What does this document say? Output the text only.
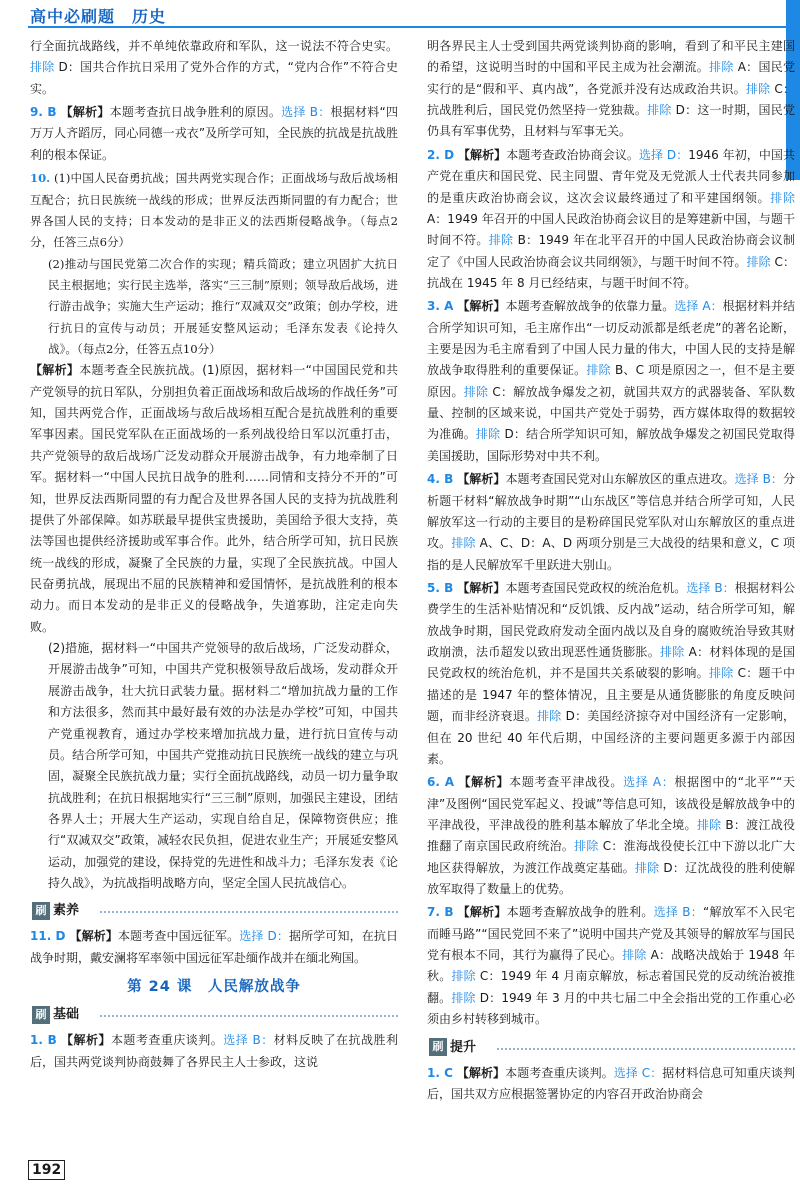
高中必刷题　历史
行全面抗战路线，并不单纯依靠政府和军队，这一说法不符合史实。排除 D：国共合作抗日采用了党外合作的方式，“党内合作”不符合史实。
9. B 【解析】本题考查抗日战争胜利的原因。选择 B：根据材料“四万万人齐蹈厉，同心同德一戎衣”及所学可知，全民族的抗战是抗战胜利的根本保证。
10. (1)中国人民奋勇抗战；国共两党实现合作；正面战场与敌后战场相互配合；抗日民族统一战线的形成；世界反法西斯同盟的有力配合；世界各国人民的支持；日本发动的是非正义的法西斯侵略战争。（每点2分，任答三点6分）
(2)推动与国民党第二次合作的实现；精兵简政；建立巩固扩大抗日民主根据地；实行民主选举，落实“三三制”原则；领导敌后战场，进行游击战争；实施大生产运动；推行“双减双交”政策；创办学校，进行抗日的宣传与动员；开展延安整风运动；毛泽东发表《论持久战》。（每点2分，任答五点10分）
【解析】本题考查全民族抗战。(1)原因，据材料一“中国国民党和共产党领导的抗日军队，分别担负着正面战场和敌后战场的作战任务”可知，国共两党合作，正面战场与敌后战场相互配合是抗战胜利的重要军事因素。国民党军队在正面战场的一系列战役给日军以沉重打击，共产党领导的敌后战场广泛发动群众开展游击战争，有力地牵制了日军。据材料一“中国人民抗日战争的胜利……同情和支持分不开的”可知，世界反法西斯同盟的有力配合及世界各国人民的支持为抗战胜利提供了外部保障。如苏联最早提供宝贵援助，美国给予很大支持，英法等国也提供经济援助或军事合作。此外，结合所学可知，抗日民族统一战线的形成，凝聚了全民族的力量，实现了全民族抗战。中国人民奋勇抗战，展现出不屈的民族精神和爱国情怀，是抗战胜利的根本动力。而日本发动的是非正义的侵略战争，失道寡助，注定走向失败。
(2)措施，据材料一“中国共产党领导的敌后战场，广泛发动群众，开展游击战争”可知，中国共产党积极领导敌后战场，发动群众开展游击战争，壮大抗日武装力量。据材料二“增加抗战力量的工作和方法很多，然而其中最好最有效的办法是办学校”可知，中国共产党重视教育，通过办学校来增加抗战力量，进行抗日宣传与动员。结合所学可知，中国共产党推动抗日民族统一战线的建立与巩固，凝聚全民族抗战力量；实行全面抗战路线，动员一切力量争取抗战胜利；在抗日根据地实行“三三制”原则，加强民主建设，团结各界人士；开展大生产运动，实现自给自足，保障物资供应；推行“双减双交”政策，减轻农民负担，促进农业生产；开展延安整风运动，加强党的建设，保持党的先进性和战斗力；毛泽东发表《论持久战》，为抗战指明战略方向，坚定全国人民抗战信心。
刷 素养
11. D 【解析】本题考查中国远征军。选择 D：据所学可知，在抗日战争时期，戴安澜将军率领中国远征军赴缅作战并在缅北殉国。
第 24 课　人民解放战争
刷 基础
1. B 【解析】本题考查重庆谈判。选择 B：材料反映了在抗战胜利后，国共两党谈判协商鼓舞了各界民主人士参政，这说
明各界民主人士受到国共两党谈判协商的影响，看到了和平民主建国的希望，这说明当时的中国和平民主成为社会潮流。排除 A：国民党实行的是“假和平、真内战”，各党派并没有达成政治共识。排除 C：抗战胜利后，国民党仍然坚持一党独裁。排除 D：这一时期，国民党仍具有军事优势，且材料与军事无关。
2. D 【解析】本题考查政治协商会议。选择 D：1946 年初，中国共产党在重庆和国民党、民主同盟、青年党及无党派人士代表共同参加的是重庆政治协商会议，这次会议最终通过了和平建国纲领。排除 A：1949 年召开的中国人民政治协商会议目的是筹建新中国，与题干时间不符。排除 B：1949 年在北平召开的中国人民政治协商会议制定了《中国人民政治协商会议共同纲领》，与题干时间不符。排除 C：抗战在 1945 年 8 月已经结束，与题干时间不符。
3. A 【解析】本题考查解放战争的依靠力量。选择 A：根据材料并结合所学知识可知，毛主席作出“一切反动派都是纸老虎”的著名论断，主要是因为毛主席看到了中国人民力量的伟大，中国人民的支持是解放战争取得胜利的重要保证。排除 B、C 项是原因之一，但不是主要原因。排除 C：解放战争爆发之初，就国共双方的武器装备、军队数量、控制的区域来说，中国共产党处于弱势，西方媒体取得的数据较为准确。排除 D：结合所学知识可知，解放战争爆发之初国民党取得美国援助，国际形势对中共不利。
4. B 【解析】本题考查国民党对山东解放区的重点进攻。选择 B：分析题干材料“解放战争时期”“山东战区”等信息并结合所学可知，人民解放军这一行动的主要目的是粉碎国民党军队对山东解放区的重点进攻。排除 A、C、D：A、D 两项分别是三大战役的结果和意义，C 项指的是人民解放军千里跃进大别山。
5. B 【解析】本题考查国民党政权的统治危机。选择 B：根据材料公费学生的生活补贴情况和“反饥饿、反内战”运动，结合所学可知，解放战争时期，国民党政府发动全面内战以及自身的腐败统治导致其财政崩溃，法币超发以致出现恶性通货膨胀。排除 A：材料体现的是国民党政权的统治危机，并不是国共关系破裂的影响。排除 C：题干中描述的是 1947 年的整体情况，且主要是从通货膨胀的角度反映问题，而非经济衰退。排除 D：美国经济掠夺对中国经济有一定影响，但在 20 世纪 40 年代后期，中国经济的主要问题更多源于内部因素。
6. A 【解析】本题考查平津战役。选择 A：根据图中的“北平”“天津”及图例“国民党军起义、投诚”等信息可知，该战役是解放战争中的平津战役，平津战役的胜利基本解放了华北全境。排除 B：渡江战役推翻了南京国民政府统治。排除 C：淮海战役使长江中下游以北广大地区获得解放，为渡江作战奠定基础。排除 D：辽沈战役的胜利使解放军取得了数量上的优势。
7. B 【解析】本题考查解放战争的胜利。选择 B：“解放军不入民宅而睡马路”“国民党回不来了”说明中国共产党及其领导的解放军与国民党有根本不同，其行为赢得了民心。排除 A：战略决战始于 1948 年秋。排除 C：1949 年 4 月南京解放，标志着国民党的反动统治被推翻。排除 D：1949 年 3 月的中共七届二中全会指出党的工作重心必须由乡村转移到城市。
刷 提升
1. C 【解析】本题考查重庆谈判。选择 C：据材料信息可知重庆谈判后，国共双方应根据签署协定的内容召开政治协商会
192
